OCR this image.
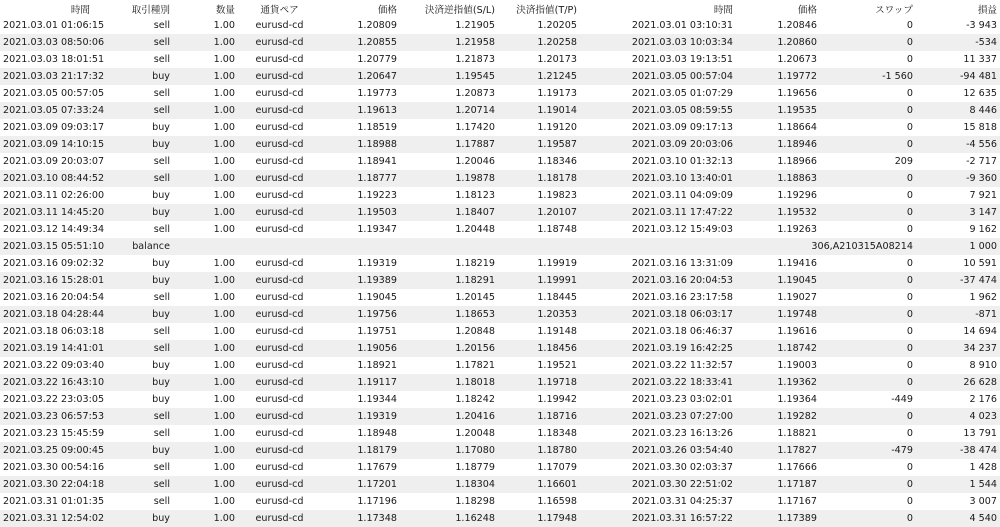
時間	取引種別	数量	通貨ペア	価格	決済逆指値(S/L)	決済指値(T/P)	時間	価格	スワップ	損益
2021.03.01 01:06:15	sell	1.00	eurusd-cd	1.20809	1.21905	1.20205	2021.03.01 03:10:31	1.20846	0	-3 943
2021.03.03 08:50:06	sell	1.00	eurusd-cd	1.20855	1.21958	1.20258	2021.03.03 10:03:34	1.20860	0	-534
2021.03.03 18:01:51	sell	1.00	eurusd-cd	1.20779	1.21873	1.20173	2021.03.03 19:13:51	1.20673	0	11 337
2021.03.03 21:17:32	buy	1.00	eurusd-cd	1.20647	1.19545	1.21245	2021.03.05 00:57:04	1.19772	-1 560	-94 481
2021.03.05 00:57:05	sell	1.00	eurusd-cd	1.19773	1.20873	1.19173	2021.03.05 01:07:29	1.19656	0	12 635
2021.03.05 07:33:24	sell	1.00	eurusd-cd	1.19613	1.20714	1.19014	2021.03.05 08:59:55	1.19535	0	8 446
2021.03.09 09:03:17	buy	1.00	eurusd-cd	1.18519	1.17420	1.19120	2021.03.09 09:17:13	1.18664	0	15 818
2021.03.09 14:10:15	buy	1.00	eurusd-cd	1.18988	1.17887	1.19587	2021.03.09 20:03:06	1.18946	0	-4 556
2021.03.09 20:03:07	sell	1.00	eurusd-cd	1.18941	1.20046	1.18346	2021.03.10 01:32:13	1.18966	209	-2 717
2021.03.10 08:44:52	sell	1.00	eurusd-cd	1.18777	1.19878	1.18178	2021.03.10 13:40:01	1.18863	0	-9 360
2021.03.11 02:26:00	buy	1.00	eurusd-cd	1.19223	1.18123	1.19823	2021.03.11 04:09:09	1.19296	0	7 921
2021.03.11 14:45:20	buy	1.00	eurusd-cd	1.19503	1.18407	1.20107	2021.03.11 17:47:22	1.19532	0	3 147
2021.03.12 14:49:34	sell	1.00	eurusd-cd	1.19347	1.20448	1.18748	2021.03.12 15:49:03	1.19263	0	9 162
2021.03.15 05:51:10	balance							306,A210315A08214		1 000
2021.03.16 09:02:32	buy	1.00	eurusd-cd	1.19319	1.18219	1.19919	2021.03.16 13:31:09	1.19416	0	10 591
2021.03.16 15:28:01	buy	1.00	eurusd-cd	1.19389	1.18291	1.19991	2021.03.16 20:04:53	1.19045	0	-37 474
2021.03.16 20:04:54	sell	1.00	eurusd-cd	1.19045	1.20145	1.18445	2021.03.16 23:17:58	1.19027	0	1 962
2021.03.18 04:28:44	buy	1.00	eurusd-cd	1.19756	1.18653	1.20353	2021.03.18 06:03:17	1.19748	0	-871
2021.03.18 06:03:18	sell	1.00	eurusd-cd	1.19751	1.20848	1.19148	2021.03.18 06:46:37	1.19616	0	14 694
2021.03.19 14:41:01	sell	1.00	eurusd-cd	1.19056	1.20156	1.18456	2021.03.19 16:42:25	1.18742	0	34 237
2021.03.22 09:03:40	buy	1.00	eurusd-cd	1.18921	1.17821	1.19521	2021.03.22 11:32:57	1.19003	0	8 910
2021.03.22 16:43:10	buy	1.00	eurusd-cd	1.19117	1.18018	1.19718	2021.03.22 18:33:41	1.19362	0	26 628
2021.03.22 23:03:05	buy	1.00	eurusd-cd	1.19344	1.18242	1.19942	2021.03.23 03:02:01	1.19364	-449	2 176
2021.03.23 06:57:53	sell	1.00	eurusd-cd	1.19319	1.20416	1.18716	2021.03.23 07:27:00	1.19282	0	4 023
2021.03.23 15:45:59	sell	1.00	eurusd-cd	1.18948	1.20048	1.18348	2021.03.23 16:13:26	1.18821	0	13 791
2021.03.25 09:00:45	buy	1.00	eurusd-cd	1.18179	1.17080	1.18780	2021.03.26 03:54:40	1.17827	-479	-38 474
2021.03.30 00:54:16	sell	1.00	eurusd-cd	1.17679	1.18779	1.17079	2021.03.30 02:03:37	1.17666	0	1 428
2021.03.30 22:04:18	sell	1.00	eurusd-cd	1.17201	1.18304	1.16601	2021.03.30 22:51:02	1.17187	0	1 544
2021.03.31 01:01:35	sell	1.00	eurusd-cd	1.17196	1.18298	1.16598	2021.03.31 04:25:37	1.17167	0	3 007
2021.03.31 12:54:02	buy	1.00	eurusd-cd	1.17348	1.16248	1.17948	2021.03.31 16:57:22	1.17389	0	4 540
